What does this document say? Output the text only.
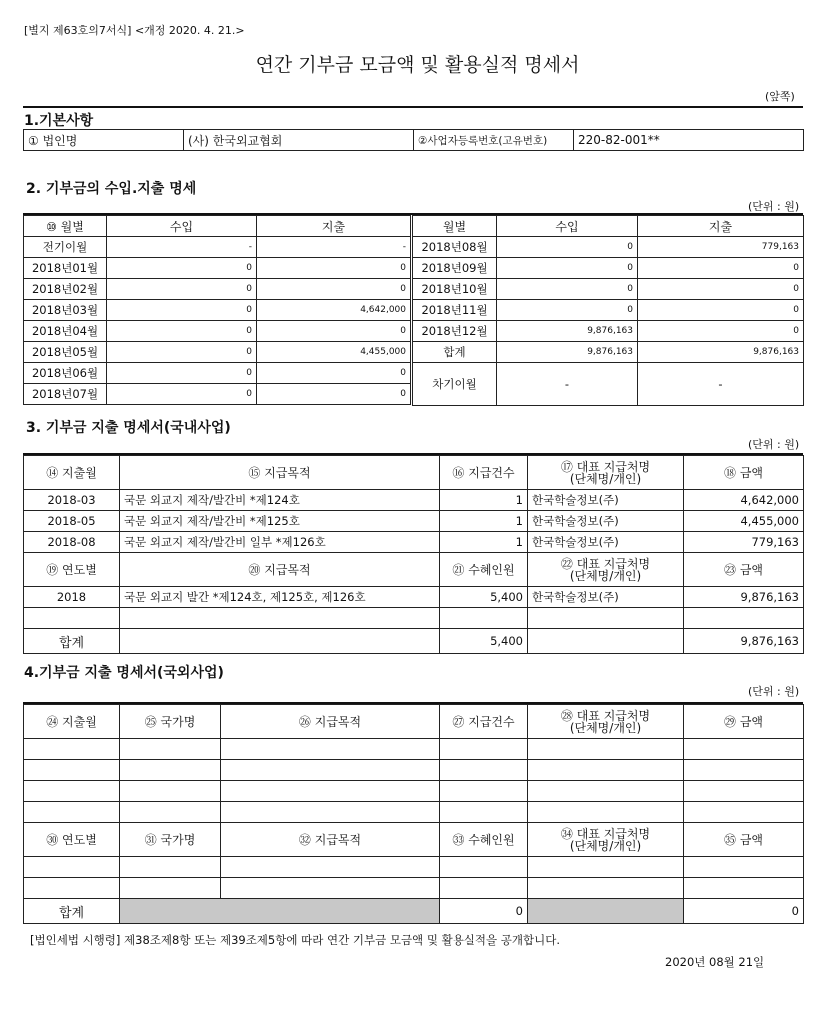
[별지 제63호의7서식] <개정 2020. 4. 21.>
연간 기부금 모금액 및 활용실적 명세서
(앞쪽)
1.기본사항
① 법인명	(사) 한국외교협회	②사업자등록번호(고유번호)	220-82-001**
2. 기부금의 수입.지출 명세
(단위 : 원)
⑩ 월별	수입	지출
전기이월	-	-
2018년01월	0	0
2018년02월	0	0
2018년03월	0	4,642,000
2018년04월	0	0
2018년05월	0	4,455,000
2018년06월	0	0
2018년07월	0	0
월별	수입	지출
2018년08월	0	779,163
2018년09월	0	0
2018년10월	0	0
2018년11월	0	0
2018년12월	9,876,163	0
합계	9,876,163	9,876,163
차기이월	-	-
3. 기부금 지출 명세서(국내사업)
(단위 : 원)
⑭ 지출월	⑮ 지급목적	⑯ 지급건수	⑰ 대표 지급처명
(단체명/개인)	⑱ 금액
2018-03	국문 외교지 제작/발간비 *제124호	1	한국학술정보(주)	4,642,000
2018-05	국문 외교지 제작/발간비 *제125호	1	한국학술정보(주)	4,455,000
2018-08	국문 외교지 제작/발간비 일부 *제126호	1	한국학술정보(주)	779,163
⑲ 연도별	⑳ 지급목적	㉑ 수혜인원	㉒ 대표 지급처명
(단체명/개인)	㉓ 금액
2018	국문 외교지 발간 *제124호, 제125호, 제126호	5,400	한국학술정보(주)	9,876,163

합계		5,400		9,876,163
4.기부금 지출 명세서(국외사업)
(단위 : 원)
㉔ 지출월	㉕ 국가명	㉖ 지급목적	㉗ 지급건수	㉘ 대표 지급처명
(단체명/개인)	㉙ 금액

㉚ 연도별	㉛ 국가명	㉜ 지급목적	㉝ 수혜인원	㉞ 대표 지급처명
(단체명/개인)	㉟ 금액

합계			0		0
[법인세법 시행령] 제38조제8항 또는 제39조제5항에 따라 연간 기부금 모금액 및 활용실적을 공개합니다.
2020년 08월 21일
